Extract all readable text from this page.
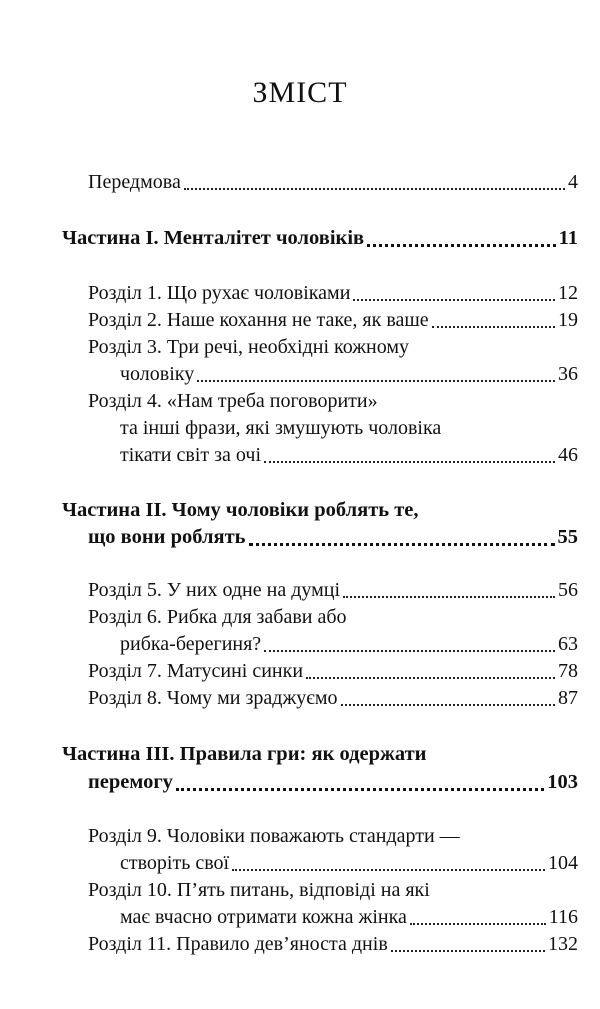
ЗМІСТ
Передмова	4
Частина І. Менталітет чоловіків	11
Розділ 1. Що рухає чоловіками	12
Розділ 2. Наше кохання не таке, як ваше	19
Розділ 3. Три речі, необхідні кожному
чоловіку	36
Розділ 4. «Нам треба поговорити»
та інші фрази, які змушують чоловіка
тікати світ за очі	46
Частина II. Чому чоловіки роблять те,
що вони роблять	55
Розділ 5. У них одне на думці	56
Розділ 6. Рибка для забави або
рибка-берегиня?	63
Розділ 7. Матусині синки	78
Розділ 8. Чому ми зраджуємо	87
Частина III. Правила гри: як одержати
перемогу	103
Розділ 9. Чоловіки поважають стандарти —
створіть свої	104
Розділ 10. П’ять питань, відповіді на які
має вчасно отримати кожна жінка	116
Розділ 11. Правило дев’яноста днів	132
